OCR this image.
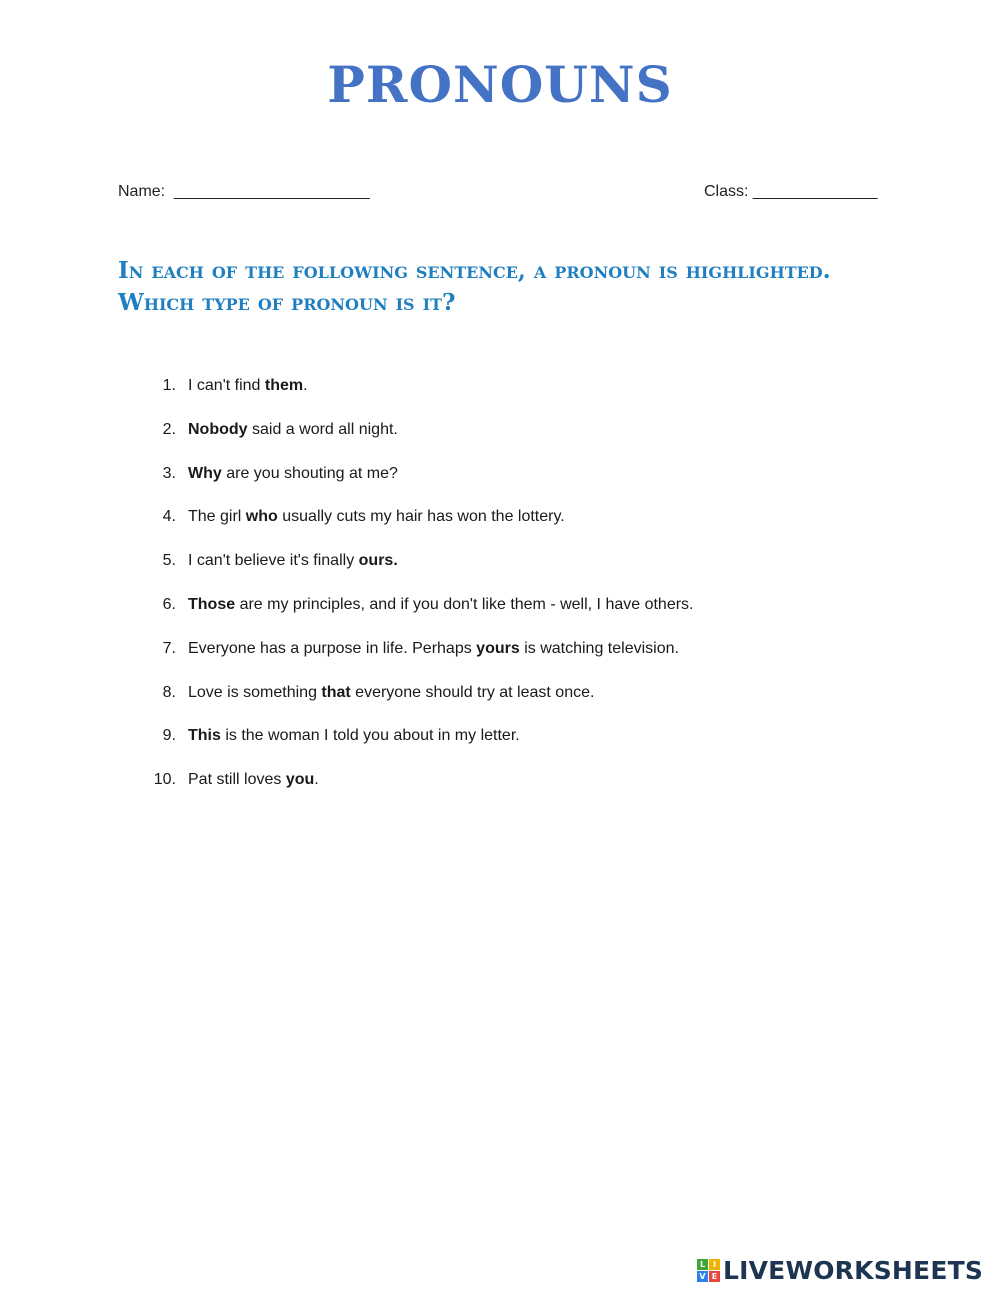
PRONOUNS
Name:  ______________________	Class: ______________

In each of the following sentence, a pronoun is highlighted. Which type of pronoun is it?

1. I can't find them.
2. Nobody said a word all night.
3. Why are you shouting at me?
4. The girl who usually cuts my hair has won the lottery.
5. I can't believe it's finally ours.
6. Those are my principles, and if you don't like them - well, I have others.
7. Everyone has a purpose in life. Perhaps yours is watching television.
8. Love is something that everyone should try at least once.
9. This is the woman I told you about in my letter.
10. Pat still loves you.
L I
V E LIVEWORKSHEETS
